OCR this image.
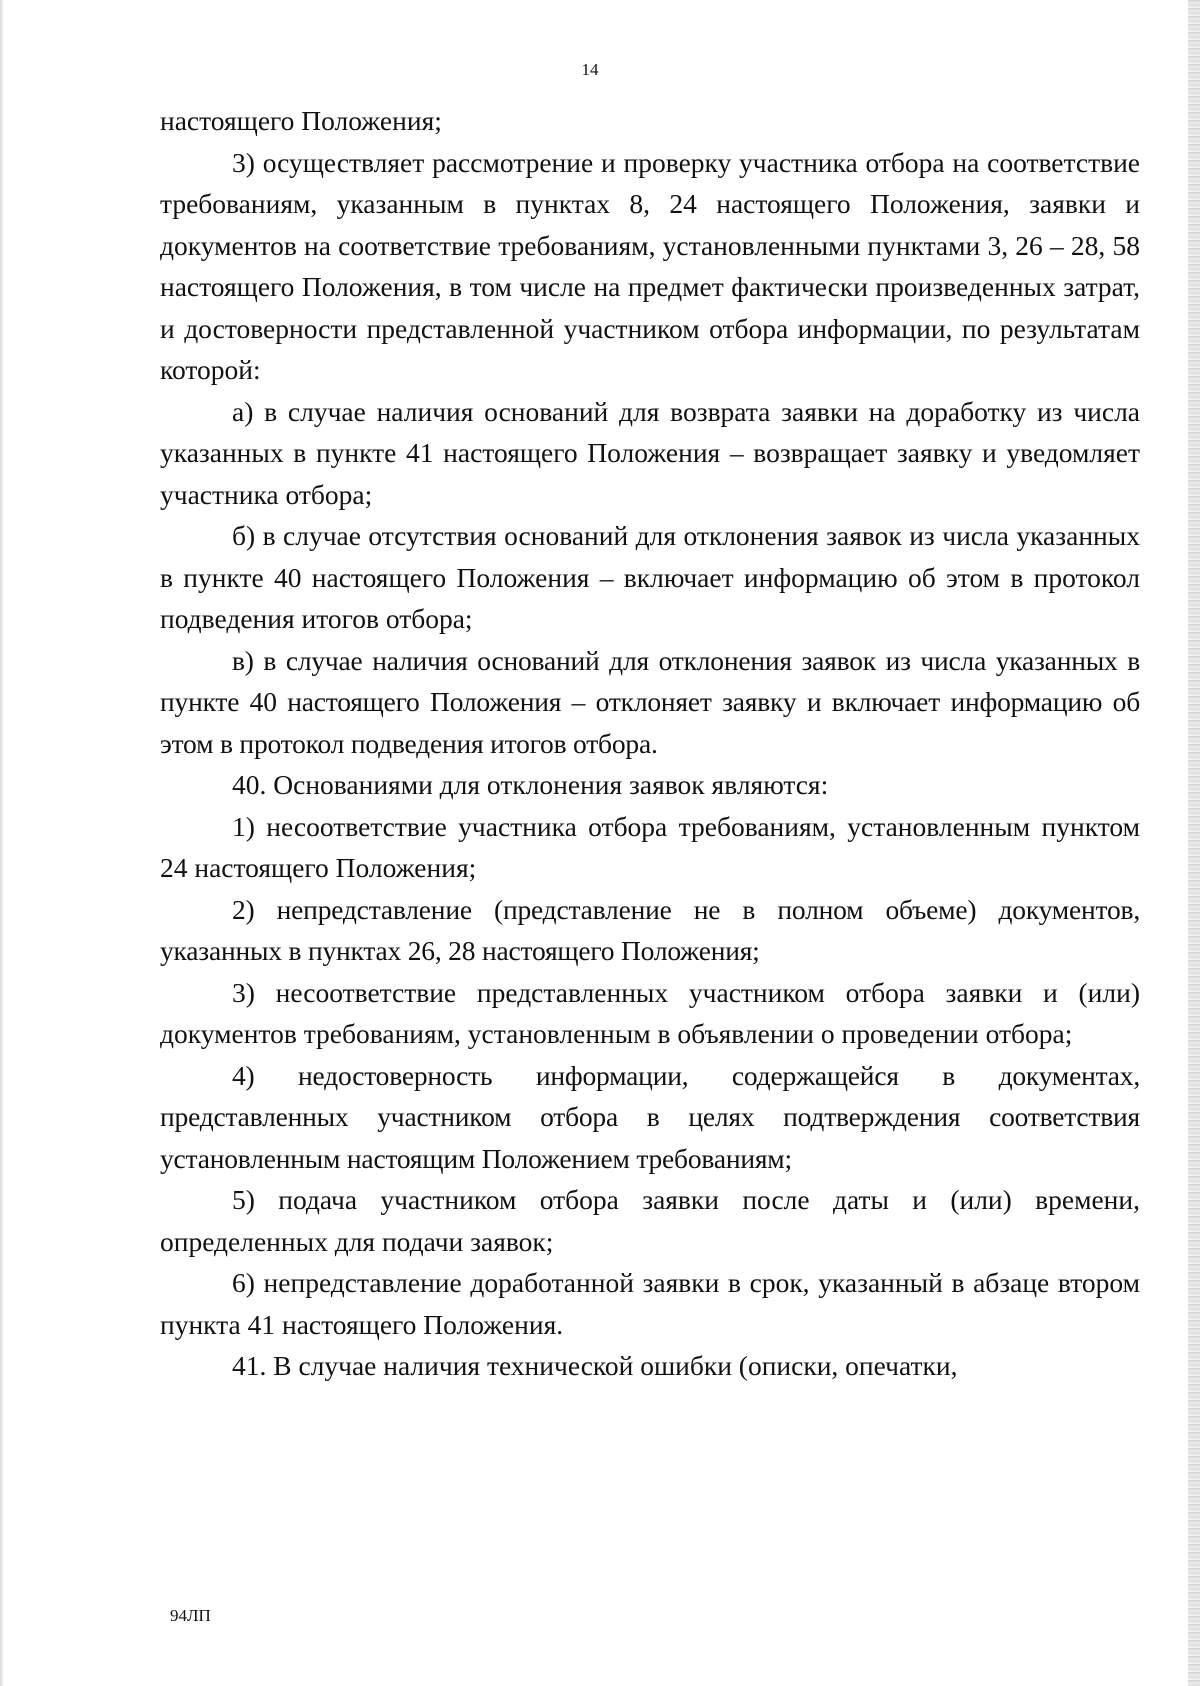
14

настоящего Положения;

3) осуществляет рассмотрение и проверку участника отбора на соответствие требованиям, указанным в пунктах 8, 24 настоящего Положения, заявки и документов на соответствие требованиям, установленными пунктами 3, 26 – 28, 58 настоящего Положения, в том числе на предмет фактически произведенных затрат, и достоверности представленной участником отбора информации, по результатам которой:

а) в случае наличия оснований для возврата заявки на доработку из числа указанных в пункте 41 настоящего Положения – возвращает заявку и уведомляет участника отбора;

б) в случае отсутствия оснований для отклонения заявок из числа указанных в пункте 40 настоящего Положения – включает информацию об этом в протокол подведения итогов отбора;

в) в случае наличия оснований для отклонения заявок из числа указанных в пункте 40 настоящего Положения – отклоняет заявку и включает информацию об этом в протокол подведения итогов отбора.

40. Основаниями для отклонения заявок являются:

1) несоответствие участника отбора требованиям, установленным пунктом 24 настоящего Положения;

2) непредставление (представление не в полном объеме) документов, указанных в пунктах 26, 28 настоящего Положения;

3) несоответствие представленных участником отбора заявки и (или) документов требованиям, установленным в объявлении о проведении отбора;

4) недостоверность информации, содержащейся в документах, представленных участником отбора в целях подтверждения соответствия установленным настоящим Положением требованиям;

5) подача участником отбора заявки после даты и (или) времени, определенных для подачи заявок;

6) непредставление доработанной заявки в срок, указанный в абзаце втором пункта 41 настоящего Положения.

41. В случае наличия технической ошибки (описки, опечатки,

94ЛП
